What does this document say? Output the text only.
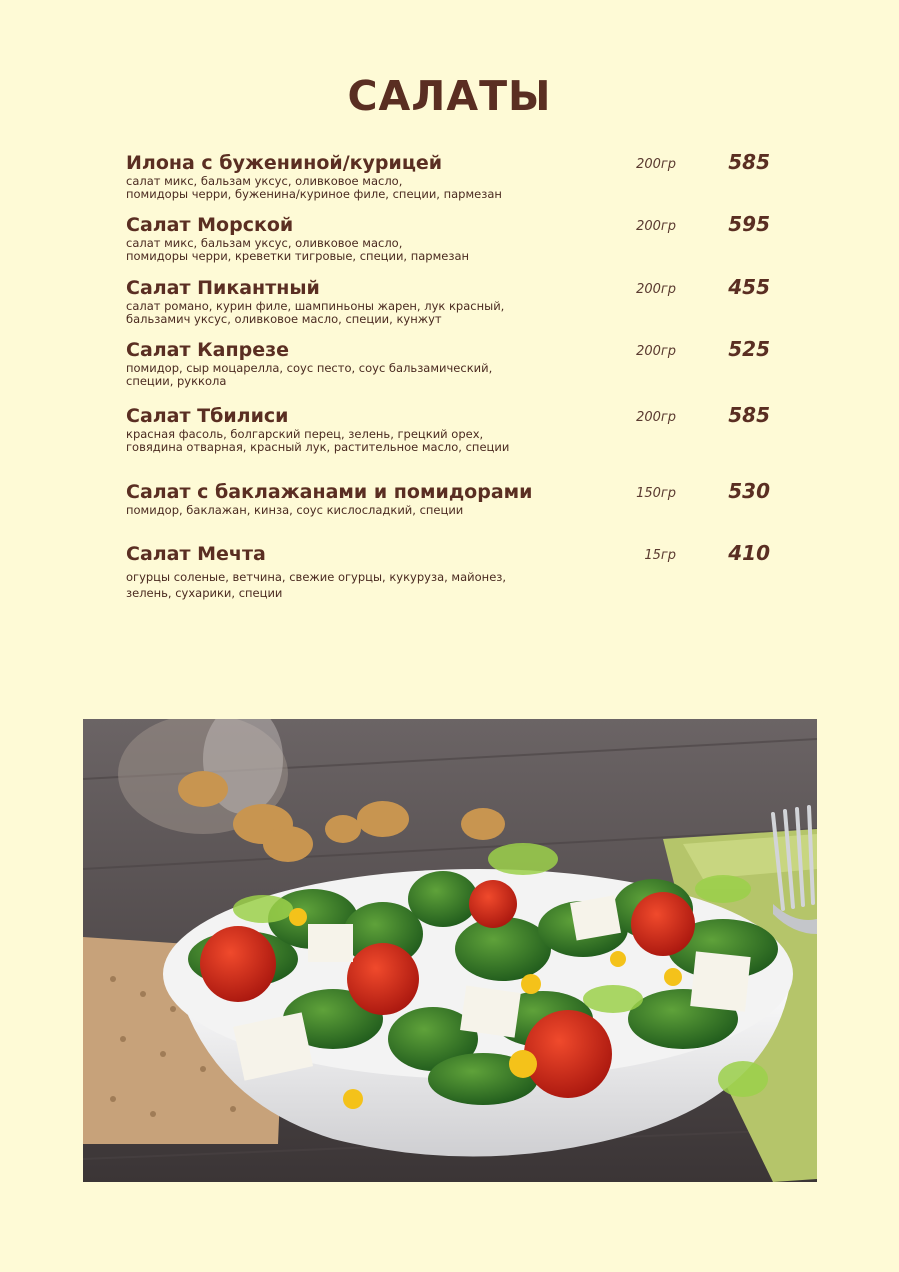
САЛАТЫ
Илона с бужениной/курицей
салат микс, бальзам уксус, оливковое масло,
помидоры черри, буженина/куриное филе, специи, пармезан
200гр	585
Салат Морской
салат микс, бальзам уксус, оливковое масло,
помидоры черри, креветки тигровые, специи, пармезан
200гр	595
Салат Пикантный
салат романо, курин филе, шампиньоны жарен, лук красный,
бальзамич уксус, оливковое масло, специи, кунжут
200гр	455
Салат Капрезе
помидор, сыр моцарелла, соус песто, соус бальзамический,
специи, руккола
200гр	525
Салат Тбилиси
красная фасоль, болгарский перец, зелень, грецкий орех,
говядина отварная, красный лук, растительное масло, специи
200гр	585
Салат с баклажанами и помидорами
помидор, баклажан, кинза, соус кислосладкий, специи
150гр	530
Салат Мечта
огурцы соленые, ветчина, свежие огурцы, кукуруза, майонез,
зелень, сухарики, специи
15гр	410
